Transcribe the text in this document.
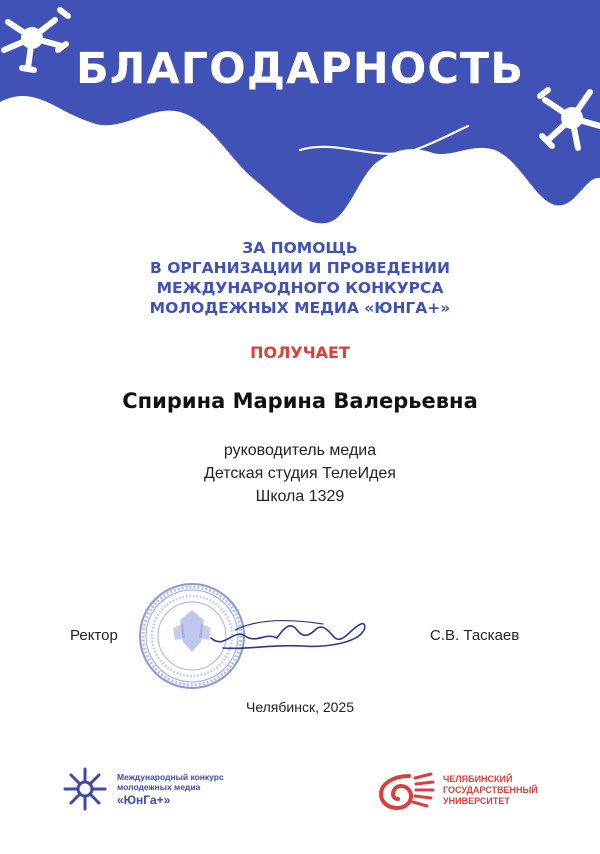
БЛАГОДАРНОСТЬ
ЗА ПОМОЩЬ
В ОРГАНИЗАЦИИ И ПРОВЕДЕНИИ
МЕЖДУНАРОДНОГО КОНКУРСА
МОЛОДЕЖНЫХ МЕДИА «ЮНГА+»
ПОЛУЧАЕТ
Спирина Марина Валерьевна
руководитель медиа
Детская студия ТелеИдея
Школа 1329
Ректор	С.В. Таскаев
Челябинск, 2025
Международный конкурс
молодежных медиа
«ЮнГа+»
ЧЕЛЯБИНСКИЙ
ГОСУДАРСТВЕННЫЙ
УНИВЕРСИТЕТ
